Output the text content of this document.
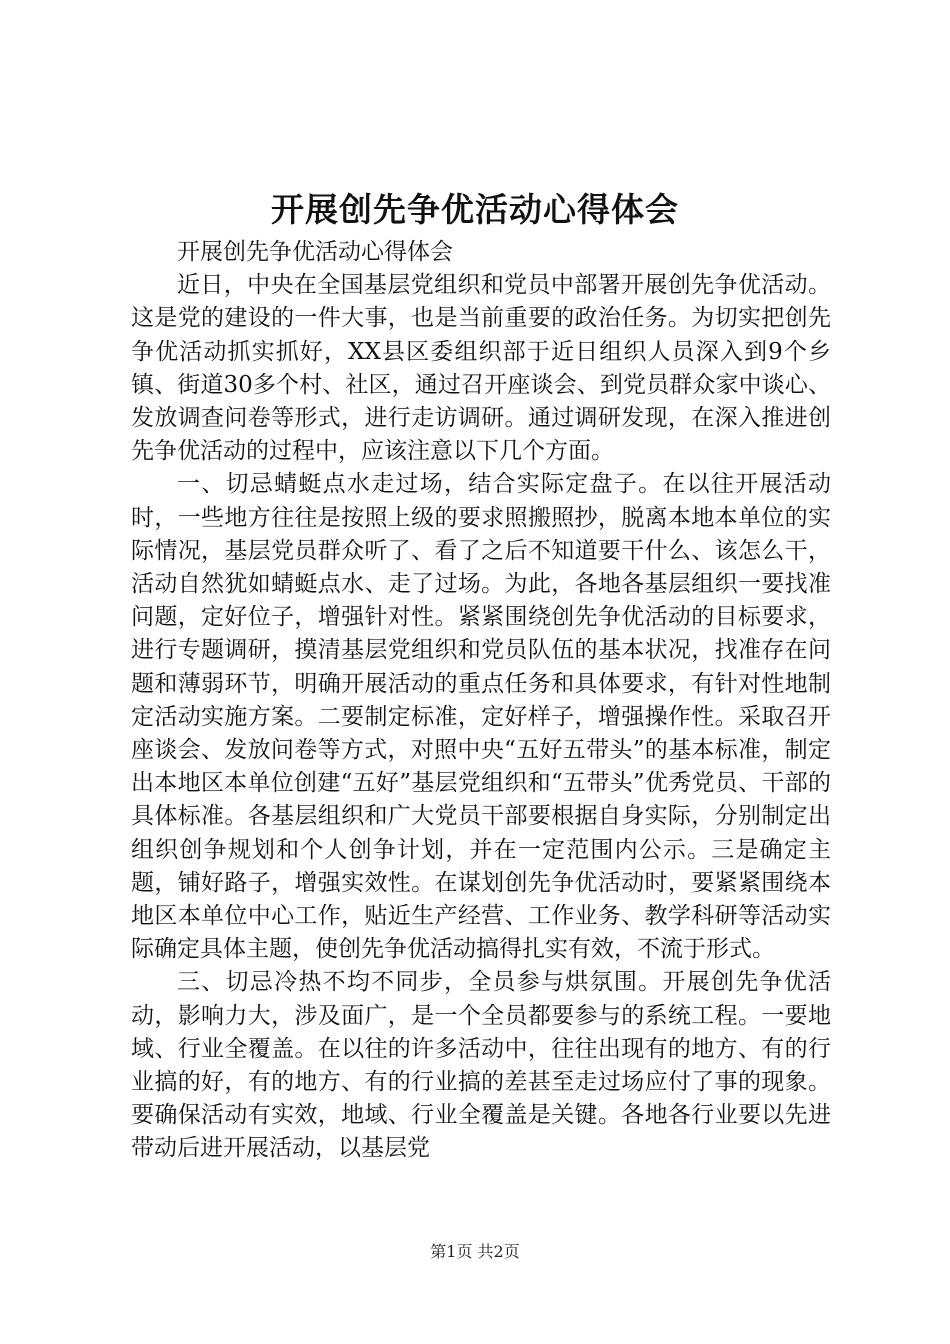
开展创先争优活动心得体会

开展创先争优活动心得体会

近日，中央在全国基层党组织和党员中部署开展创先争优活动。这是党的建设的一件大事，也是当前重要的政治任务。为切实把创先争优活动抓实抓好，XX县区委组织部于近日组织人员深入到9个乡镇、街道30多个村、社区，通过召开座谈会、到党员群众家中谈心、发放调查问卷等形式，进行走访调研。通过调研发现，在深入推进创先争优活动的过程中，应该注意以下几个方面。

一、切忌蜻蜓点水走过场，结合实际定盘子。在以往开展活动时，一些地方往往是按照上级的要求照搬照抄，脱离本地本单位的实际情况，基层党员群众听了、看了之后不知道要干什么、该怎么干，活动自然犹如蜻蜓点水、走了过场。为此，各地各基层组织一要找准问题，定好位子，增强针对性。紧紧围绕创先争优活动的目标要求，进行专题调研，摸清基层党组织和党员队伍的基本状况，找准存在问题和薄弱环节，明确开展活动的重点任务和具体要求，有针对性地制定活动实施方案。二要制定标准，定好样子，增强操作性。采取召开座谈会、发放问卷等方式，对照中央“五好五带头”的基本标准，制定出本地区本单位创建“五好”基层党组织和“五带头”优秀党员、干部的具体标准。各基层组织和广大党员干部要根据自身实际，分别制定出组织创争规划和个人创争计划，并在一定范围内公示。三是确定主题，铺好路子，增强实效性。在谋划创先争优活动时，要紧紧围绕本地区本单位中心工作，贴近生产经营、工作业务、教学科研等活动实际确定具体主题，使创先争优活动搞得扎实有效，不流于形式。

三、切忌冷热不均不同步，全员参与烘氛围。开展创先争优活动，影响力大，涉及面广，是一个全员都要参与的系统工程。一要地域、行业全覆盖。在以往的许多活动中，往往出现有的地方、有的行业搞的好，有的地方、有的行业搞的差甚至走过场应付了事的现象。要确保活动有实效，地域、行业全覆盖是关键。各地各行业要以先进带动后进开展活动，以基层党

第1页 共2页
